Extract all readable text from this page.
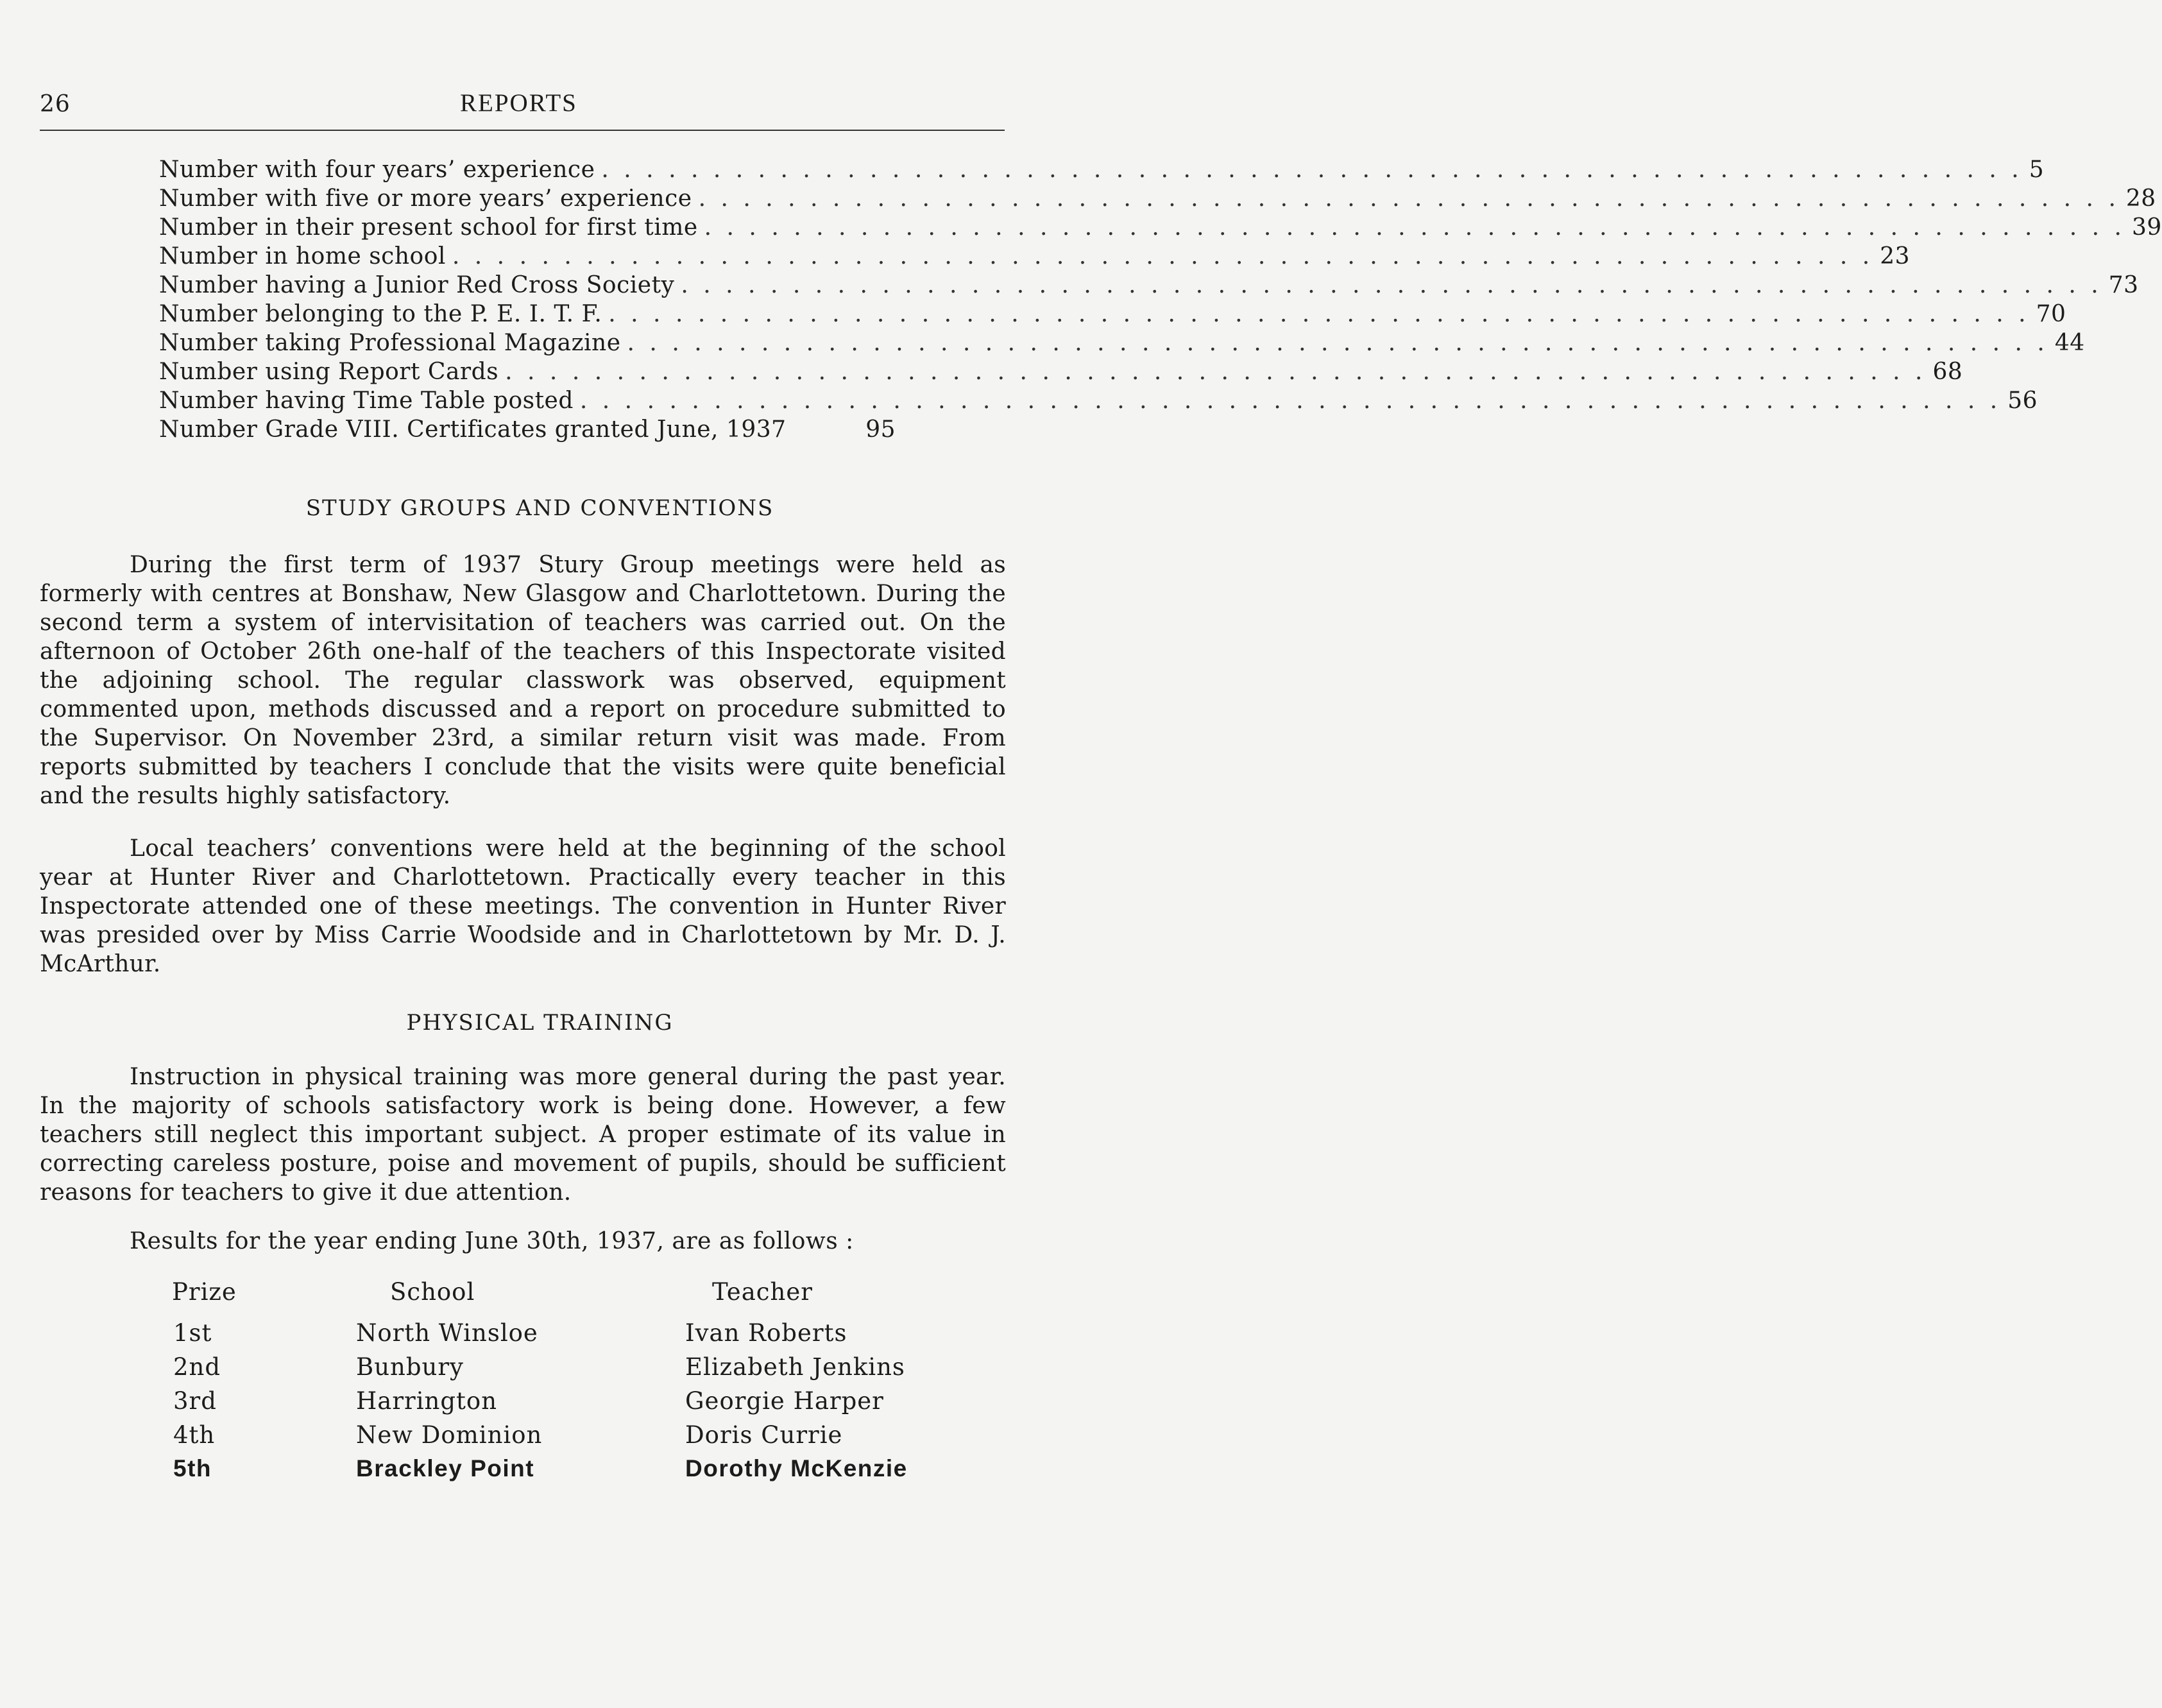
26	REPORTS
Number with four years’ experience . . . . . . . . . . . . . . . . . . . . . . . . . . . . . . . . . . . . . . . . . . . . . . . . . . . . . . . . . . . . . . . . 5
Number with five or more years’ experience . . . . . . . . . . . . . . . . . . . . . . . . . . . . . . . . . . . . . . . . . . . . . . . . . . . . . . . . . . . . . . . . 28
Number in their present school for first time . . . . . . . . . . . . . . . . . . . . . . . . . . . . . . . . . . . . . . . . . . . . . . . . . . . . . . . . . . . . . . . . 39
Number in home school . . . . . . . . . . . . . . . . . . . . . . . . . . . . . . . . . . . . . . . . . . . . . . . . . . . . . . . . . . . . . . . . 23
Number having a Junior Red Cross Society . . . . . . . . . . . . . . . . . . . . . . . . . . . . . . . . . . . . . . . . . . . . . . . . . . . . . . . . . . . . . . . . 73
Number belonging to the P. E. I. T. F. . . . . . . . . . . . . . . . . . . . . . . . . . . . . . . . . . . . . . . . . . . . . . . . . . . . . . . . . . . . . . . . . 70
Number taking Professional Magazine . . . . . . . . . . . . . . . . . . . . . . . . . . . . . . . . . . . . . . . . . . . . . . . . . . . . . . . . . . . . . . . . 44
Number using Report Cards . . . . . . . . . . . . . . . . . . . . . . . . . . . . . . . . . . . . . . . . . . . . . . . . . . . . . . . . . . . . . . . . 68
Number having Time Table posted . . . . . . . . . . . . . . . . . . . . . . . . . . . . . . . . . . . . . . . . . . . . . . . . . . . . . . . . . . . . . . . . 56
Number Grade VIII. Certificates granted June, 1937	95
STUDY GROUPS AND CONVENTIONS

During the first term of 1937 Stury Group meetings were held as formerly with centres at Bonshaw, New Glasgow and Charlottetown. During the second term a system of intervisitation of teachers was carried out. On the afternoon of October 26th one-half of the teachers of this Inspectorate visited the adjoining school. The regular classwork was observed, equipment commented upon, methods discussed and a report on procedure submitted to the Supervisor. On November 23rd, a similar return visit was made. From reports submitted by teachers I conclude that the visits were quite beneficial and the results highly satisfactory.

Local teachers’ conventions were held at the beginning of the school year at Hunter River and Charlottetown. Practically every teacher in this Inspectorate attended one of these meetings. The convention in Hunter River was presided over by Miss Carrie Woodside and in Charlottetown by Mr. D. J. McArthur.

PHYSICAL TRAINING

Instruction in physical training was more general during the past year. In the majority of schools satisfactory work is being done. However, a few teachers still neglect this important subject. A proper estimate of its value in correcting careless posture, poise and movement of pupils, should be sufficient reasons for teachers to give it due attention.

Results for the year ending June 30th, 1937, are as follows :
Prize	School	Teacher
1st	North Winsloe	Ivan Roberts
2nd	Bunbury	Elizabeth Jenkins
3rd	Harrington	Georgie Harper
4th	New Dominion	Doris Currie
5th	Brackley Point	Dorothy McKenzie
